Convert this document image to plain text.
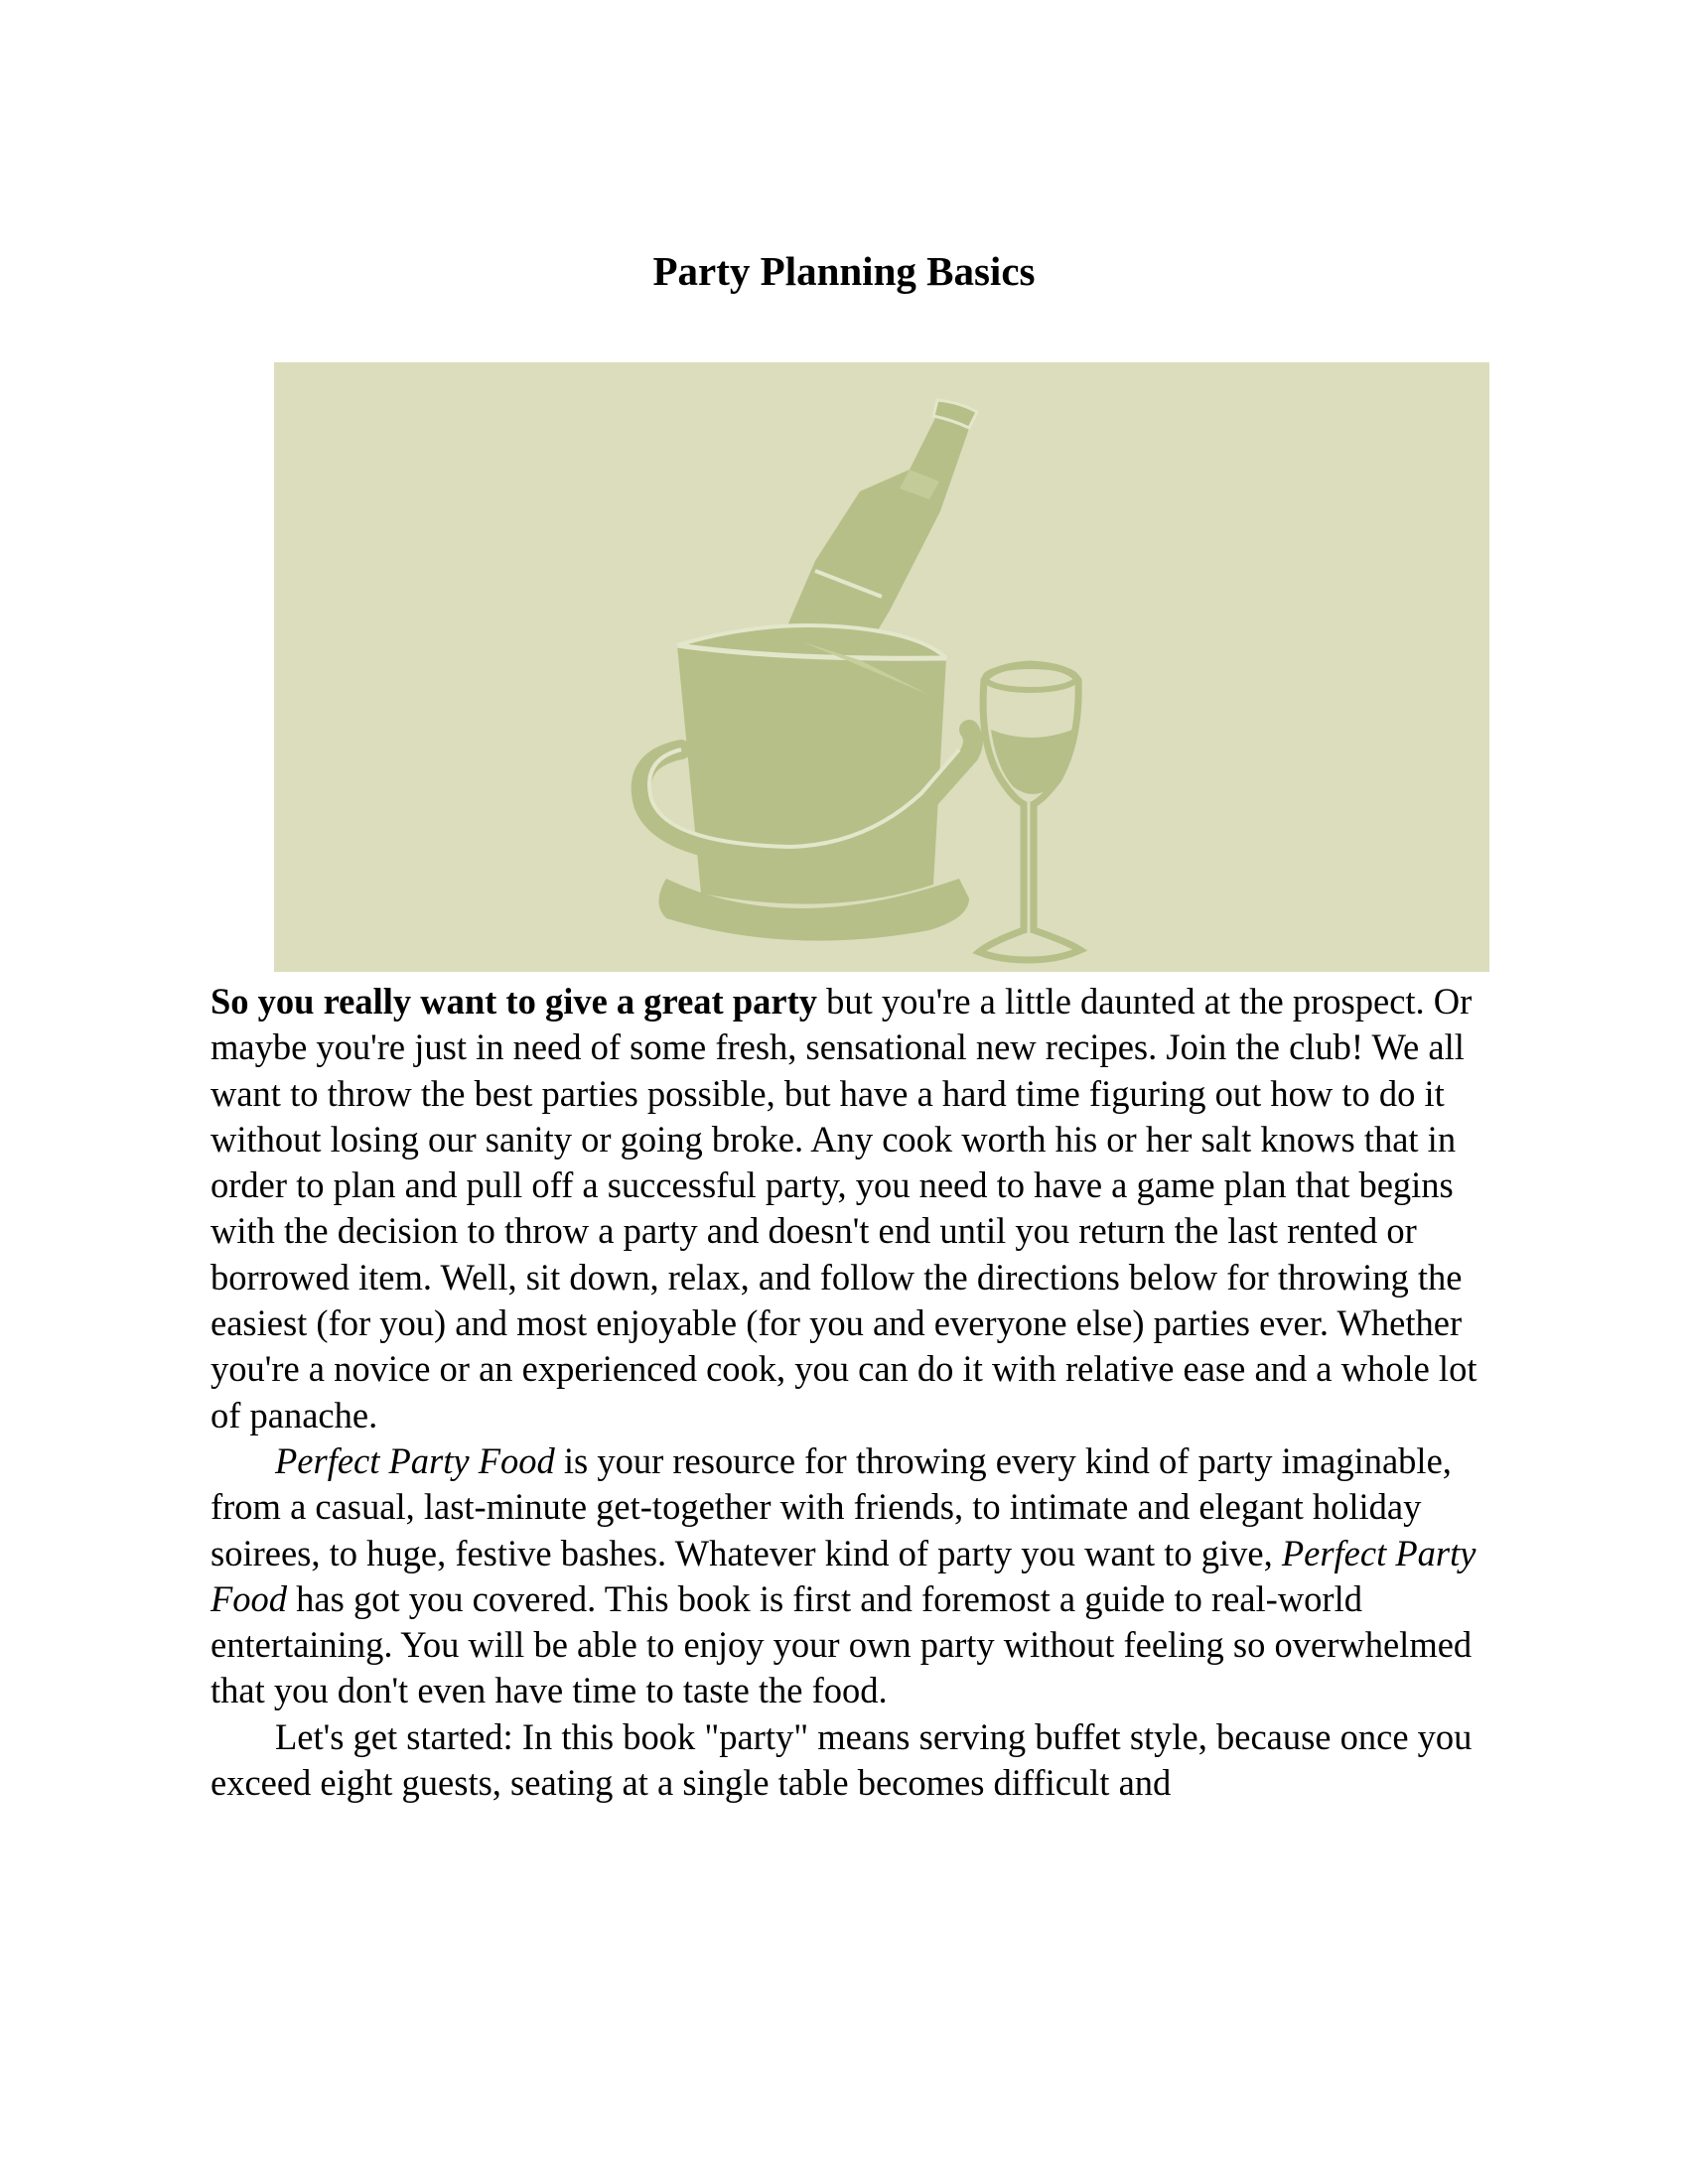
Party Planning Basics

So you really want to give a great party but you're a little daunted at the prospect. Or maybe you're just in need of some fresh, sensational new recipes. Join the club! We all want to throw the best parties possible, but have a hard time figuring out how to do it without losing our sanity or going broke. Any cook worth his or her salt knows that in order to plan and pull off a successful party, you need to have a game plan that begins with the decision to throw a party and doesn't end until you return the last rented or borrowed item. Well, sit down, relax, and follow the directions below for throwing the easiest (for you) and most enjoyable (for you and everyone else) parties ever. Whether you're a novice or an experienced cook, you can do it with relative ease and a whole lot of panache.

Perfect Party Food is your resource for throwing every kind of party imaginable, from a casual, last-minute get-together with friends, to intimate and elegant holiday soirees, to huge, festive bashes. Whatever kind of party you want to give, Perfect Party Food has got you covered. This book is first and foremost a guide to real-world entertaining. You will be able to enjoy your own party without feeling so overwhelmed that you don't even have time to taste the food.

Let's get started: In this book "party" means serving buffet style, because once you exceed eight guests, seating at a single table becomes difficult and
